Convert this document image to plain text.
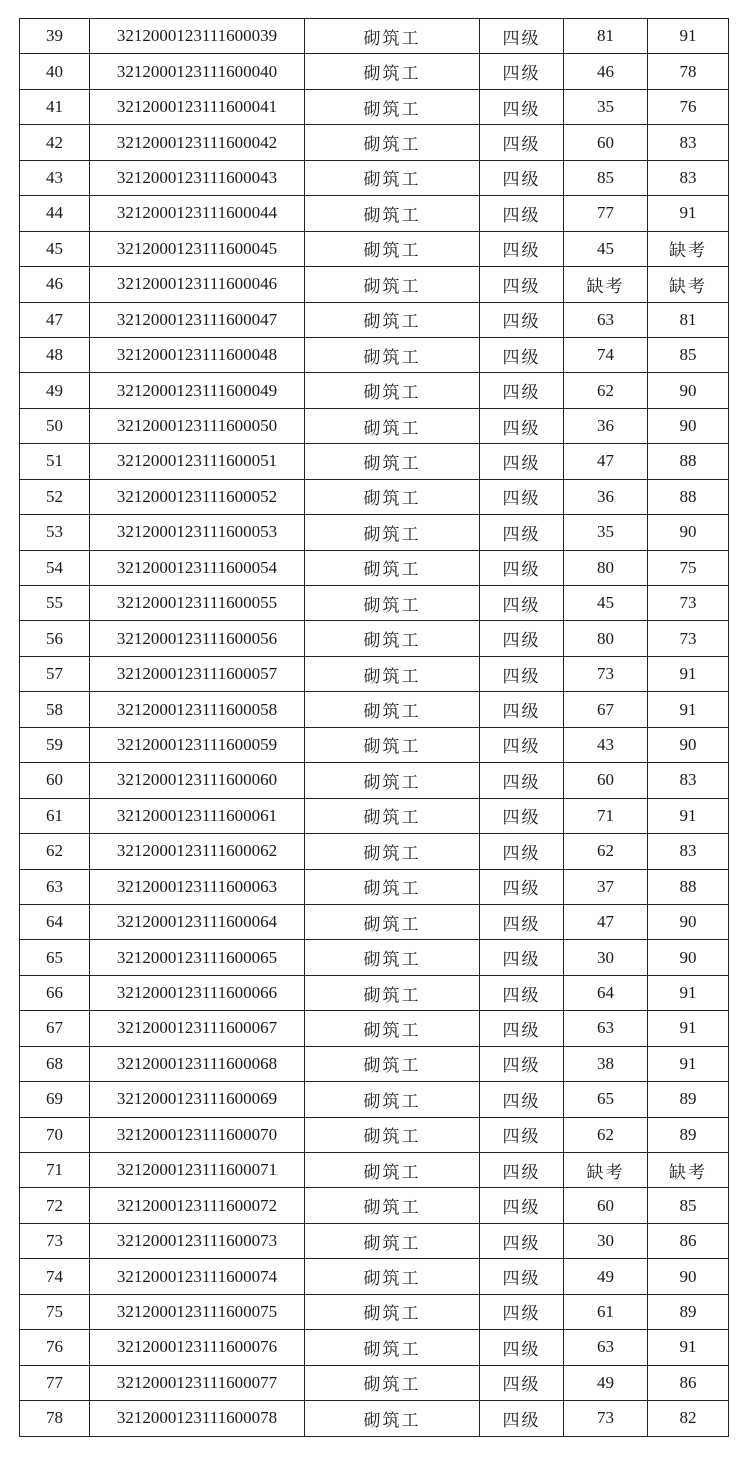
39	3212000123111600039	砌筑工	四级	81	91
40	3212000123111600040	砌筑工	四级	46	78
41	3212000123111600041	砌筑工	四级	35	76
42	3212000123111600042	砌筑工	四级	60	83
43	3212000123111600043	砌筑工	四级	85	83
44	3212000123111600044	砌筑工	四级	77	91
45	3212000123111600045	砌筑工	四级	45	缺考
46	3212000123111600046	砌筑工	四级	缺考	缺考
47	3212000123111600047	砌筑工	四级	63	81
48	3212000123111600048	砌筑工	四级	74	85
49	3212000123111600049	砌筑工	四级	62	90
50	3212000123111600050	砌筑工	四级	36	90
51	3212000123111600051	砌筑工	四级	47	88
52	3212000123111600052	砌筑工	四级	36	88
53	3212000123111600053	砌筑工	四级	35	90
54	3212000123111600054	砌筑工	四级	80	75
55	3212000123111600055	砌筑工	四级	45	73
56	3212000123111600056	砌筑工	四级	80	73
57	3212000123111600057	砌筑工	四级	73	91
58	3212000123111600058	砌筑工	四级	67	91
59	3212000123111600059	砌筑工	四级	43	90
60	3212000123111600060	砌筑工	四级	60	83
61	3212000123111600061	砌筑工	四级	71	91
62	3212000123111600062	砌筑工	四级	62	83
63	3212000123111600063	砌筑工	四级	37	88
64	3212000123111600064	砌筑工	四级	47	90
65	3212000123111600065	砌筑工	四级	30	90
66	3212000123111600066	砌筑工	四级	64	91
67	3212000123111600067	砌筑工	四级	63	91
68	3212000123111600068	砌筑工	四级	38	91
69	3212000123111600069	砌筑工	四级	65	89
70	3212000123111600070	砌筑工	四级	62	89
71	3212000123111600071	砌筑工	四级	缺考	缺考
72	3212000123111600072	砌筑工	四级	60	85
73	3212000123111600073	砌筑工	四级	30	86
74	3212000123111600074	砌筑工	四级	49	90
75	3212000123111600075	砌筑工	四级	61	89
76	3212000123111600076	砌筑工	四级	63	91
77	3212000123111600077	砌筑工	四级	49	86
78	3212000123111600078	砌筑工	四级	73	82
